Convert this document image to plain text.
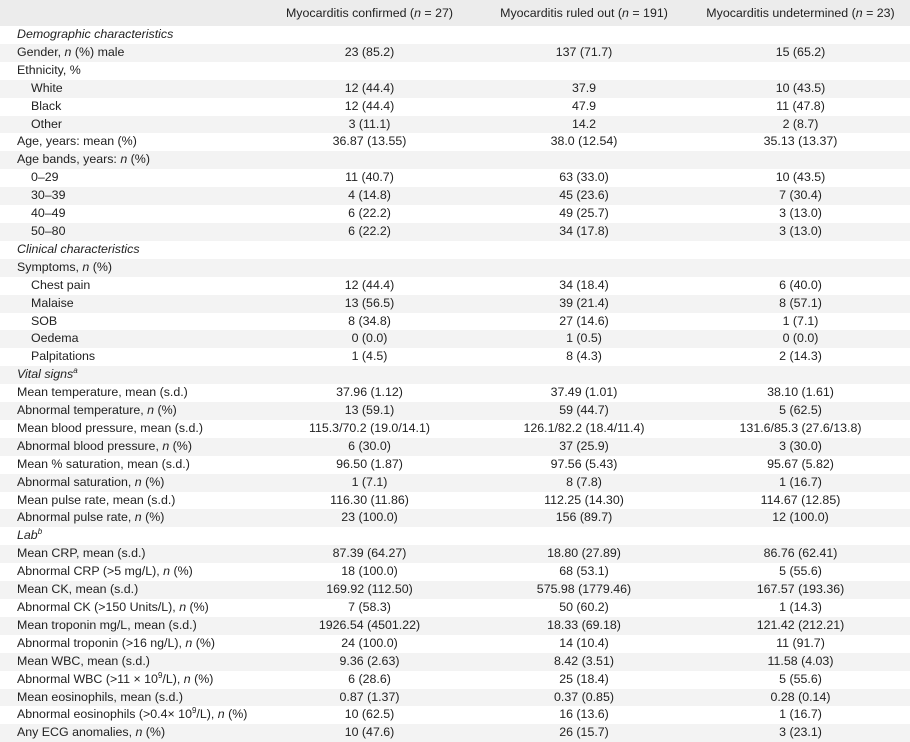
	Myocarditis confirmed (n = 27)	Myocarditis ruled out (n = 191)	Myocarditis undetermined (n = 23)
Demographic characteristics			
Gender, n (%) male	23 (85.2)	137 (71.7)	15 (65.2)
Ethnicity, %			
White	12 (44.4)	37.9	10 (43.5)
Black	12 (44.4)	47.9	11 (47.8)
Other	3 (11.1)	14.2	2 (8.7)
Age, years: mean (%)	36.87 (13.55)	38.0 (12.54)	35.13 (13.37)
Age bands, years: n (%)			
0–29	11 (40.7)	63 (33.0)	10 (43.5)
30–39	4 (14.8)	45 (23.6)	7 (30.4)
40–49	6 (22.2)	49 (25.7)	3 (13.0)
50–80	6 (22.2)	34 (17.8)	3 (13.0)
Clinical characteristics			
Symptoms, n (%)			
Chest pain	12 (44.4)	34 (18.4)	6 (40.0)
Malaise	13 (56.5)	39 (21.4)	8 (57.1)
SOB	8 (34.8)	27 (14.6)	1 (7.1)
Oedema	0 (0.0)	1 (0.5)	0 (0.0)
Palpitations	1 (4.5)	8 (4.3)	2 (14.3)
Vital signs$^a$	
Mean temperature, mean (s.d.)	37.96 (1.12)	37.49 (1.01)	38.10 (1.61)
Abnormal temperature, n (%)	13 (59.1)	59 (44.7)	5 (62.5)
Mean blood pressure, mean (s.d.)	115.3/70.2 (19.0/14.1)	126.1/82.2 (18.4/11.4)	131.6/85.3 (27.6/13.8)
Abnormal blood pressure, n (%)	6 (30.0)	37 (25.9)	3 (30.0)
Mean % saturation, mean (s.d.)	96.50 (1.87)	97.56 (5.43)	95.67 (5.82)
Abnormal saturation, n (%)	1 (7.1)	8 (7.8)	1 (16.7)
Mean pulse rate, mean (s.d.)	116.30 (11.86)	112.25 (14.30)	114.67 (12.85)
Abnormal pulse rate, n (%)	23 (100.0)	156 (89.7)	12 (100.0)
Lab$^b$	
Mean CRP, mean (s.d.)	87.39 (64.27)	18.80 (27.89)	86.76 (62.41)
Abnormal CRP (>5 mg/L), n (%)	18 (100.0)	68 (53.1)	5 (55.6)
Mean CK, mean (s.d.)	169.92 (112.50)	575.98 (1779.46)	167.57 (193.36)
Abnormal CK (>150 Units/L), n (%)	7 (58.3)	50 (60.2)	1 (14.3)
Mean troponin mg/L, mean (s.d.)	1926.54 (4501.22)	18.33 (69.18)	121.42 (212.21)
Abnormal troponin (>16 ng/L), n (%)	24 (100.0)	14 (10.4)	11 (91.7)
Mean WBC, mean (s.d.)	9.36 (2.63)	8.42 (3.51)	11.58 (4.03)
Abnormal WBC $(>11 \times 10^9/L)$, n (%)	6 (28.6)	25 (18.4)	5 (55.6)
Mean eosinophils, mean (s.d.)	0.87 (1.37)	0.37 (0.85)	0.28 (0.14)
Abnormal eosinophils $(>0.4\times 10^9/L)$, n (%)	10 (62.5)	16 (13.6)	1 (16.7)
Any ECG anomalies, n (%)	10 (47.6)	26 (15.7)	3 (23.1)
